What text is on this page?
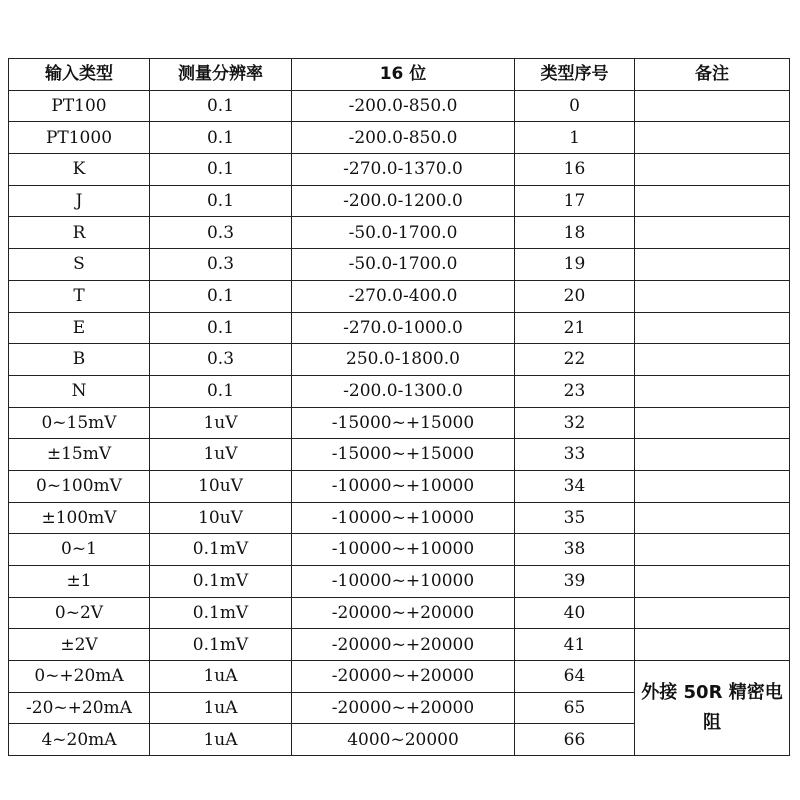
输入类型	测量分辨率	16 位	类型序号	备注
PT100	0.1	-200.0-850.0	0	
PT1000	0.1	-200.0-850.0	1	
K	0.1	-270.0-1370.0	16	
J	0.1	-200.0-1200.0	17	
R	0.3	-50.0-1700.0	18	
S	0.3	-50.0-1700.0	19	
T	0.1	-270.0-400.0	20	
E	0.1	-270.0-1000.0	21	
B	0.3	250.0-1800.0	22	
N	0.1	-200.0-1300.0	23	
0~15mV	1uV	-15000~+15000	32	
±15mV	1uV	-15000~+15000	33	
0~100mV	10uV	-10000~+10000	34	
±100mV	10uV	-10000~+10000	35	
0~1	0.1mV	-10000~+10000	38	
±1	0.1mV	-10000~+10000	39	
0~2V	0.1mV	-20000~+20000	40	
±2V	0.1mV	-20000~+20000	41	
0~+20mA	1uA	-20000~+20000	64	外接 50R 精密电阻
-20~+20mA	1uA	-20000~+20000	65	
4~20mA	1uA	4000~20000	66	
